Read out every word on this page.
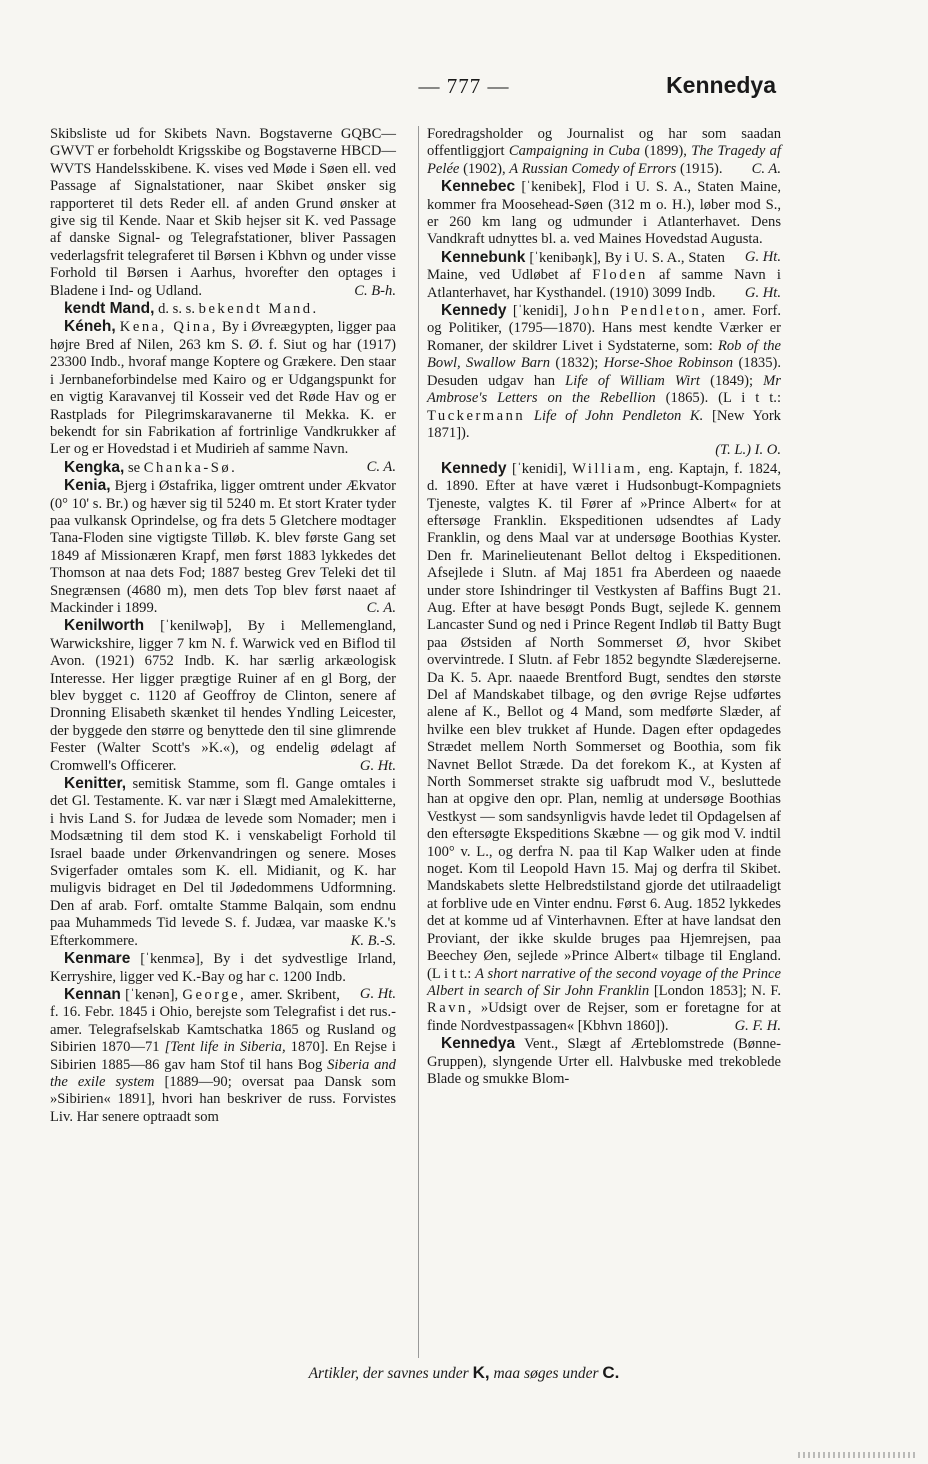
— 777 —	Kennedya

Skibsliste ud for Skibets Navn. Bogstaverne GQBC—GWVT er forbeholdt Krigsskibe og Bogstaverne HBCD—WVTS Handelsskibene. K. vises ved Møde i Søen ell. ved Passage af Signalstationer, naar Skibet ønsker sig rapporteret til dets Reder ell. af anden Grund ønsker at give sig til Kende. Naar et Skib hejser sit K. ved Passage af danske Signal- og Telegrafstationer, bliver Passagen vederlagsfrit telegraferet til Børsen i Kbhvn og under visse Forhold til Børsen i Aarhus, hvorefter den optages i Bladene i Ind- og Udland.	C. B-h.

kendt Mand, d. s. s. bekendt Mand.

Kéneh, Kena, Qina, By i Øvreægypten, ligger paa højre Bred af Nilen, 263 km S. Ø. f. Siut og har (1917) 23300 Indb., hvoraf mange Koptere og Grækere. Den staar i Jernbaneforbindelse med Kairo og er Udgangspunkt for en vigtig Karavanvej til Kosseir ved det Røde Hav og er Rastplads for Pilegrimskaravanerne til Mekka. K. er bekendt for sin Fabrikation af fortrinlige Vandkrukker af Ler og er Hovedstad i et Mudirieh af samme Navn.
C. A.

Kengka, se Chanka-Sø.

Kenia, Bjerg i Østafrika, ligger omtrent under Ækvator (0° 10' s. Br.) og hæver sig til 5240 m. Et stort Krater tyder paa vulkansk Oprindelse, og fra dets 5 Gletchere modtager Tana-Floden sine vigtigste Tilløb. K. blev første Gang set 1849 af Missionæren Krapf, men først 1883 lykkedes det Thomson at naa dets Fod; 1887 besteg Grev Teleki det til Snegrænsen (4680 m), men dets Top blev først naaet af Mackinder i 1899.	C. A.

Kenilworth [ˈkenilwəþ], By i Mellemengland, Warwickshire, ligger 7 km N. f. Warwick ved en Biflod til Avon. (1921) 6752 Indb. K. har særlig arkæologisk Interesse. Her ligger prægtige Ruiner af en gl Borg, der blev bygget c. 1120 af Geoffroy de Clinton, senere af Dronning Elisabeth skænket til hendes Yndling Leicester, der byggede den større og benyttede den til sine glimrende Fester (Walter Scott's »K.«), og endelig ødelagt af Cromwell's Officerer.	G. Ht.

Kenitter, semitisk Stamme, som fl. Gange omtales i det Gl. Testamente. K. var nær i Slægt med Amalekitterne, i hvis Land S. for Judæa de levede som Nomader; men i Modsætning til dem stod K. i venskabeligt Forhold til Israel baade under Ørkenvandringen og senere. Moses Svigerfader omtales som K. ell. Midianit, og K. har muligvis bidraget en Del til Jødedommens Udformning. Den af arab. Forf. omtalte Stamme Balqain, som endnu paa Muhammeds Tid levede S. f. Judæa, var maaske K.'s Efterkommere.	K. B.-S.

Kenmare [ˈkenmɛə], By i det sydvestlige Irland, Kerryshire, ligger ved K.-Bay og har c. 1200 Indb.
G. Ht.

Kennan [ˈkenən], George, amer. Skribent, f. 16. Febr. 1845 i Ohio, berejste som Telegrafist i det rus.-amer. Telegrafselskab Kamtschatka 1865 og Rusland og Sibirien 1870—71 [Tent life in Siberia, 1870]. En Rejse i Sibirien 1885—86 gav ham Stof til hans Bog Siberia and the exile system [1889—90; oversat paa Dansk som »Sibirien« 1891], hvori han beskriver de russ. Forvistes Liv. Har senere optraadt som

Foredragsholder og Journalist og har som saadan offentliggjort Campaigning in Cuba (1899), The Tragedy af Pelée (1902), A Russian Comedy of Errors (1915).	C. A.

Kennebec [ˈkenibek], Flod i U. S. A., Staten Maine, kommer fra Moosehead-Søen (312 m o. H.), løber mod S., er 260 km lang og udmunder i Atlanterhavet. Dens Vandkraft udnyttes bl. a. ved Maines Hovedstad Augusta.
G. Ht.

Kennebunk [ˈkenibəŋk], By i U. S. A., Staten Maine, ved Udløbet af Floden af samme Navn i Atlanterhavet, har Kysthandel. (1910) 3099 Indb.	G. Ht.

Kennedy [ˈkenidi], John Pendleton, amer. Forf. og Politiker, (1795—1870). Hans mest kendte Værker er Romaner, der skildrer Livet i Sydstaterne, som: Rob of the Bowl, Swallow Barn (1832); Horse-Shoe Robinson (1835). Desuden udgav han Life of William Wirt (1849); Mr Ambrose's Letters on the Rebellion (1865). (L i t t.: Tuckermann Life of John Pendleton K. [New York 1871]).

(T. L.) I. O.

Kennedy [ˈkenidi], William, eng. Kaptajn, f. 1824, d. 1890. Efter at have været i Hudsonbugt-Kompagniets Tjeneste, valgtes K. til Fører af »Prince Albert« for at eftersøge Franklin. Ekspeditionen udsendtes af Lady Franklin, og dens Maal var at undersøge Boothias Kyster. Den fr. Marinelieutenant Bellot deltog i Ekspeditionen. Afsejlede i Slutn. af Maj 1851 fra Aberdeen og naaede under store Ishindringer til Vestkysten af Baffins Bugt 21. Aug. Efter at have besøgt Ponds Bugt, sejlede K. gennem Lancaster Sund og ned i Prince Regent Indløb til Batty Bugt paa Østsiden af North Sommerset Ø, hvor Skibet overvintrede. I Slutn. af Febr 1852 begyndte Slæderejserne. Da K. 5. Apr. naaede Brentford Bugt, sendtes den største Del af Mandskabet tilbage, og den øvrige Rejse udførtes alene af K., Bellot og 4 Mand, som medførte Slæder, af hvilke een blev trukket af Hunde. Dagen efter opdagedes Strædet mellem North Sommerset og Boothia, som fik Navnet Bellot Stræde. Da det forekom K., at Kysten af North Sommerset strakte sig uafbrudt mod V., besluttede han at opgive den opr. Plan, nemlig at undersøge Boothias Vestkyst — som sandsynligvis havde ledet til Opdagelsen af den eftersøgte Ekspeditions Skæbne — og gik mod V. indtil 100° v. L., og derfra N. paa til Kap Walker uden at finde noget. Kom til Leopold Havn 15. Maj og derfra til Skibet. Mandskabets slette Helbredstilstand gjorde det utilraadeligt at forblive ude en Vinter endnu. Først 6. Aug. 1852 lykkedes det at komme ud af Vinterhavnen. Efter at have landsat den Proviant, der ikke skulde bruges paa Hjemrejsen, paa Beechey Øen, sejlede »Prince Albert« tilbage til England. (L i t t.: A short narrative of the second voyage of the Prince Albert in search of Sir John Franklin [London 1853]; N. F. Ravn, »Udsigt over de Rejser, som er foretagne for at finde Nordvestpassagen« [Kbhvn 1860]).	G. F. H.

Kennedya Vent., Slægt af Ærteblomstrede (Bønne-Gruppen), slyngende Urter ell. Halvbuske med trekoblede Blade og smukke Blom-

Artikler, der savnes under K, maa søges under C.
